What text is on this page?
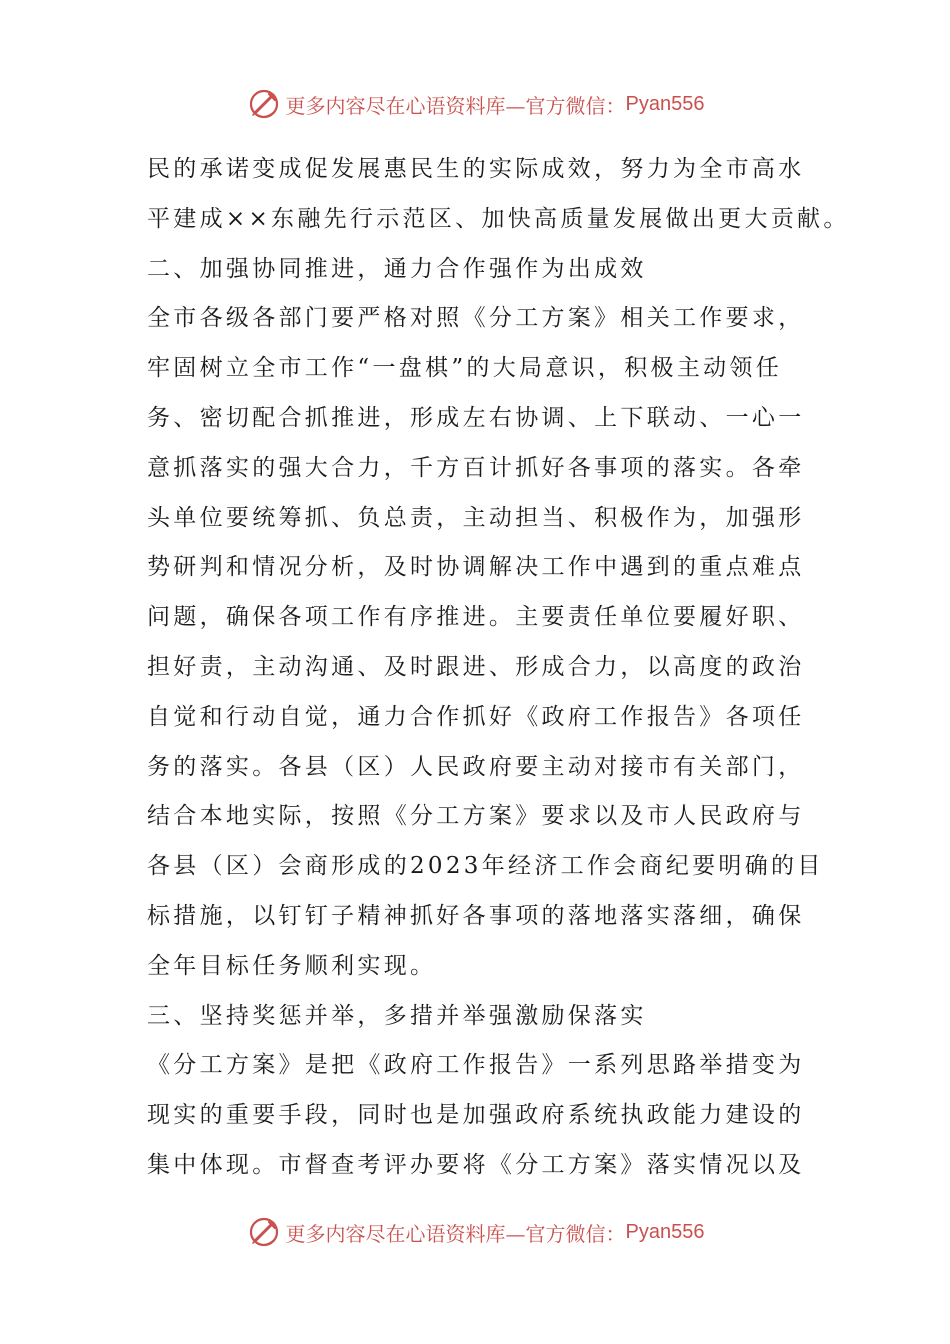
更多内容尽在心语资料库—官方微信： Pyan556

民的承诺变成促发展惠民生的实际成效，努力为全市高水

平建成××东融先行示范区、加快高质量发展做出更大贡献。

二、加强协同推进，通力合作强作为出成效

全市各级各部门要严格对照《分工方案》相关工作要求，

牢固树立全市工作“一盘棋”的大局意识，积极主动领任

务、密切配合抓推进，形成左右协调、上下联动、一心一

意抓落实的强大合力，千方百计抓好各事项的落实。各牵

头单位要统筹抓、负总责，主动担当、积极作为，加强形

势研判和情况分析，及时协调解决工作中遇到的重点难点

问题，确保各项工作有序推进。主要责任单位要履好职、

担好责，主动沟通、及时跟进、形成合力，以高度的政治

自觉和行动自觉，通力合作抓好《政府工作报告》各项任

务的落实。各县（区）人民政府要主动对接市有关部门，

结合本地实际，按照《分工方案》要求以及市人民政府与

各县（区）会商形成的2023年经济工作会商纪要明确的目

标措施，以钉钉子精神抓好各事项的落地落实落细，确保

全年目标任务顺利实现。

三、坚持奖惩并举，多措并举强激励保落实

《分工方案》是把《政府工作报告》一系列思路举措变为

现实的重要手段，同时也是加强政府系统执政能力建设的

集中体现。市督查考评办要将《分工方案》落实情况以及

更多内容尽在心语资料库—官方微信： Pyan556
